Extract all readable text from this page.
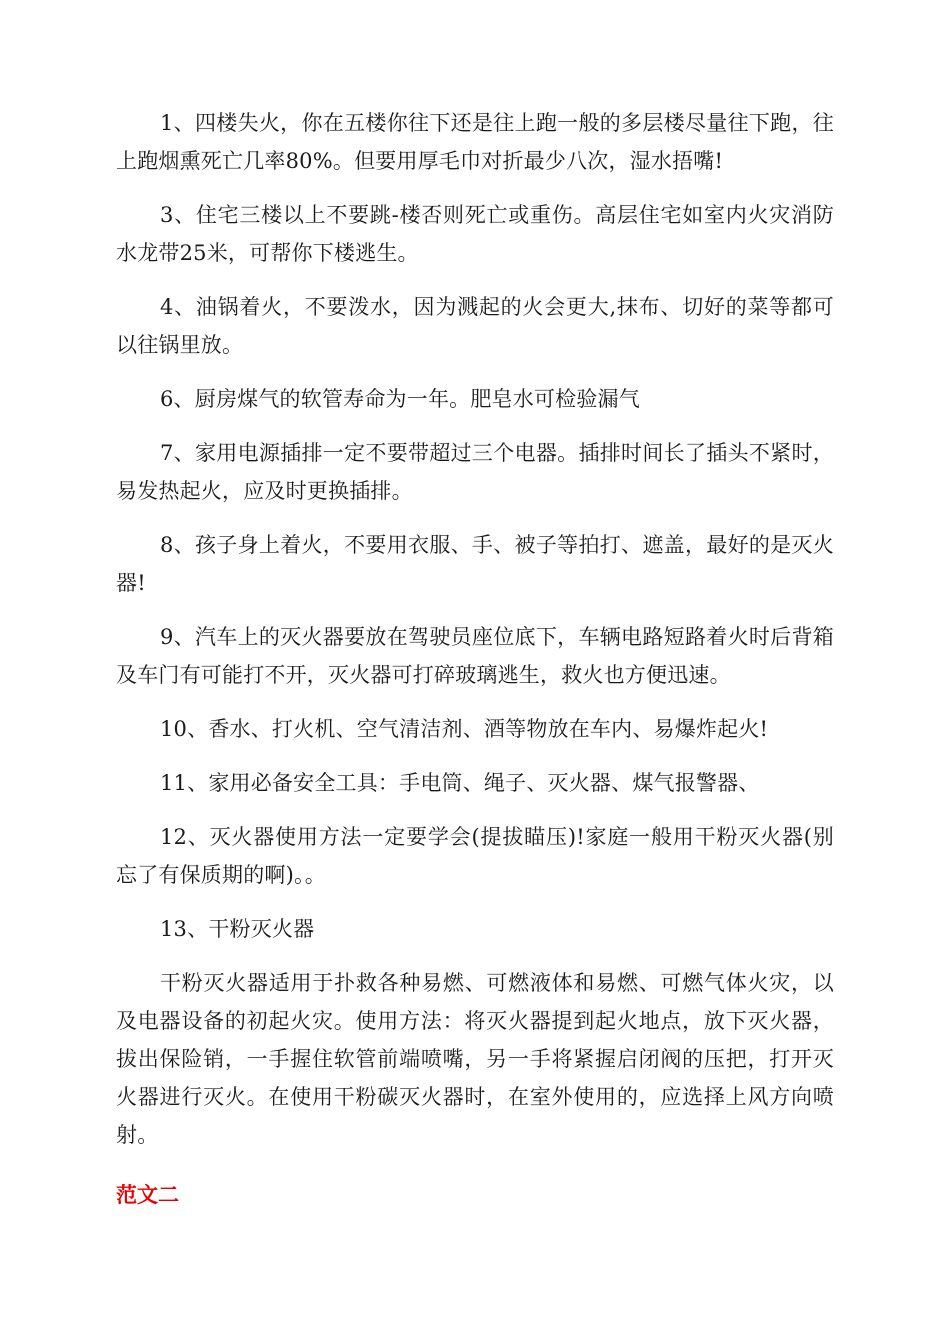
1、四楼失火，你在五楼你往下还是往上跑一般的多层楼尽量往下跑，往上跑烟熏死亡几率80%。但要用厚毛巾对折最少八次，湿水捂嘴!

3、住宅三楼以上不要跳-楼否则死亡或重伤。高层住宅如室内火灾消防水龙带25米，可帮你下楼逃生。

4、油锅着火，不要泼水，因为溅起的火会更大,抹布、切好的菜等都可以往锅里放。

6、厨房煤气的软管寿命为一年。肥皂水可检验漏气

7、家用电源插排一定不要带超过三个电器。插排时间长了插头不紧时，易发热起火，应及时更换插排。

8、孩子身上着火，不要用衣服、手、被子等拍打、遮盖，最好的是灭火器!

9、汽车上的灭火器要放在驾驶员座位底下，车辆电路短路着火时后背箱及车门有可能打不开，灭火器可打碎玻璃逃生，救火也方便迅速。

10、香水、打火机、空气清洁剂、酒等物放在车内、易爆炸起火!

11、家用必备安全工具：手电筒、绳子、灭火器、煤气报警器、

12、灭火器使用方法一定要学会(提拔瞄压)!家庭一般用干粉灭火器(别忘了有保质期的啊)。。

13、干粉灭火器

干粉灭火器适用于扑救各种易燃、可燃液体和易燃、可燃气体火灾，以及电器设备的初起火灾。使用方法：将灭火器提到起火地点，放下灭火器，拔出保险销，一手握住软管前端喷嘴，另一手将紧握启闭阀的压把，打开灭火器进行灭火。在使用干粉碳灭火器时，在室外使用的，应选择上风方向喷射。

范文二
